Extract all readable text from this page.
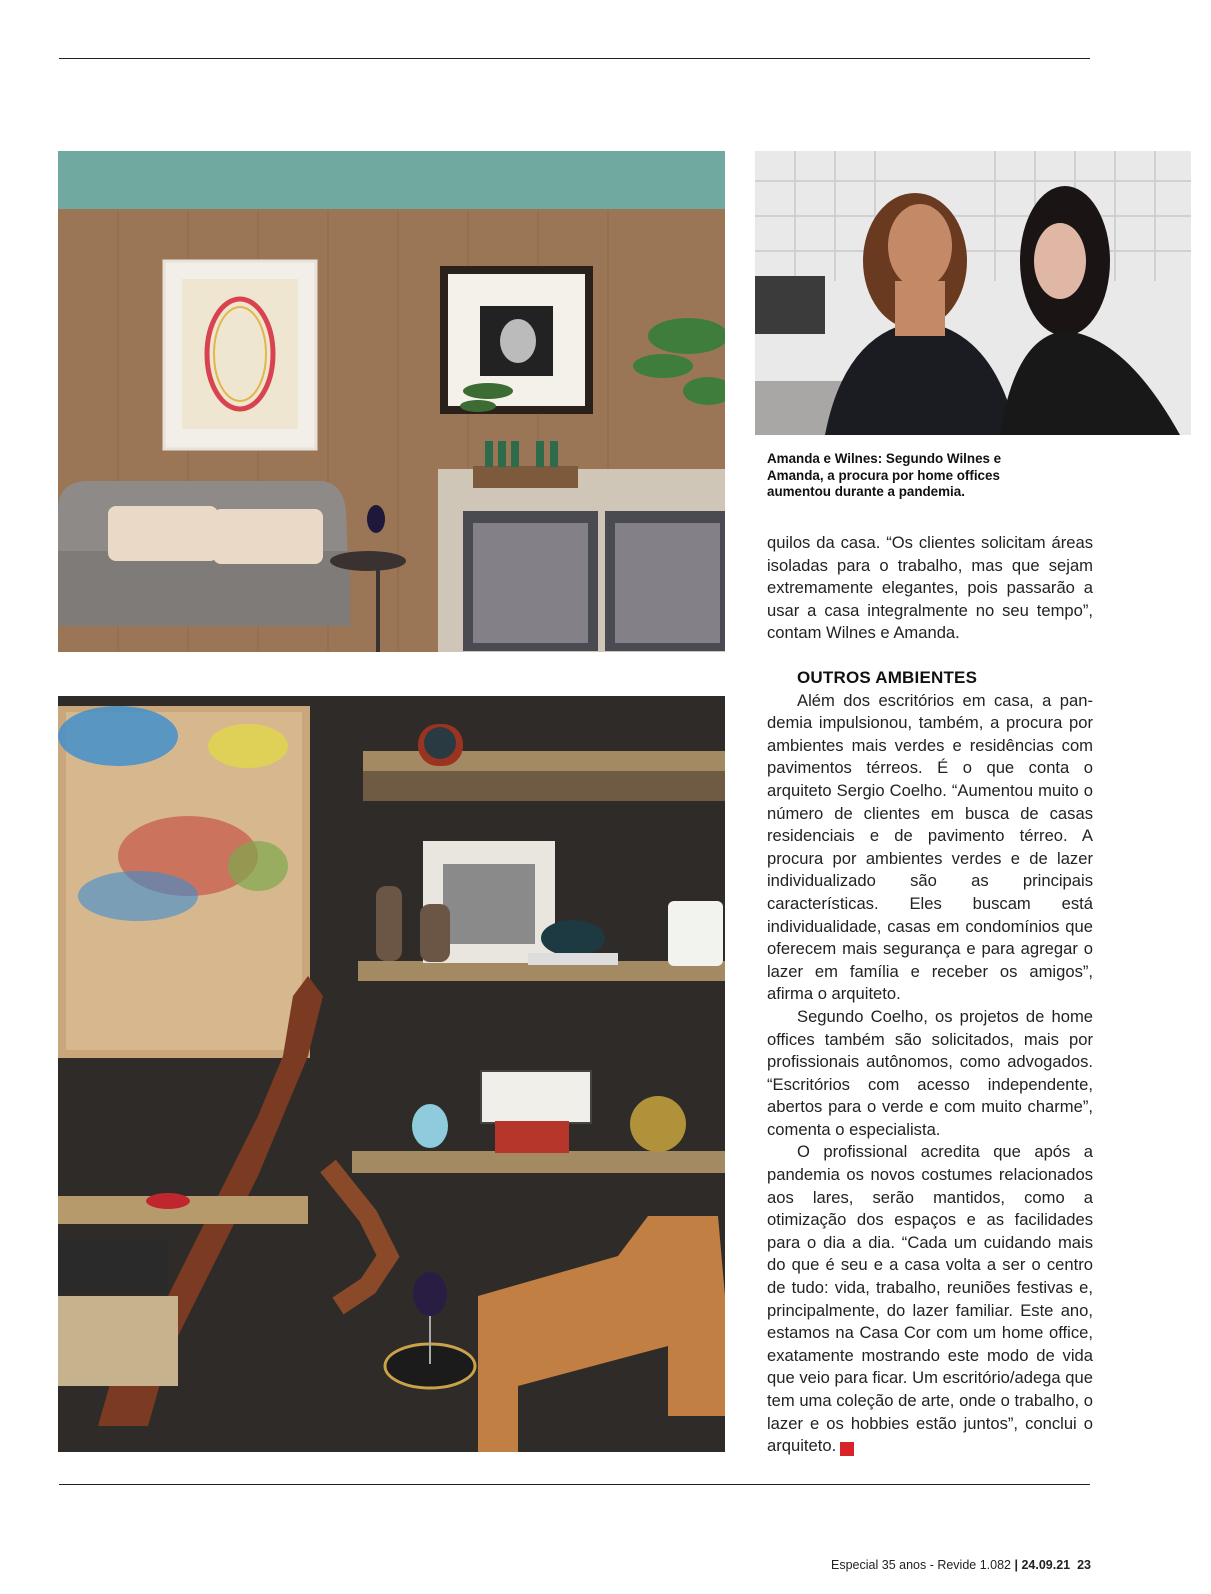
Amanda e Wilnes: Segundo Wilnes e Amanda, a procura por home offices aumentou durante a pandemia.

quilos da casa. “Os clientes solicitam áreas isoladas para o trabalho, mas que sejam extremamente elegantes, pois passarão a usar a casa integralmente no seu tempo”, contam Wilnes e Amanda.

OUTROS AMBIENTES

Além dos escritórios em casa, a pandemia impulsionou, também, a procura por ambientes mais verdes e residências com pavimentos térreos. É o que conta o arquiteto Sergio Coelho. “Aumentou muito o número de clientes em busca de casas residenciais e de pavimento térreo. A procura por ambientes verdes e de lazer individualizado são as principais características. Eles buscam está individualidade, casas em condomínios que oferecem mais segurança e para agregar o lazer em família e receber os amigos”, afirma o arquiteto.

Segundo Coelho, os projetos de home offices também são solicitados, mais por profissionais autônomos, como advogados. “Escritórios com acesso independente, abertos para o verde e com muito charme”, comenta o especialista.

O profissional acredita que após a pandemia os novos costumes relacionados aos lares, serão mantidos, como a otimização dos espaços e as facilidades para o dia a dia. “Cada um cuidando mais do que é seu e a casa volta a ser o centro de tudo: vida, trabalho, reuniões festivas e, principalmente, do lazer familiar. Este ano, estamos na Casa Cor com um home office, exatamente mostrando este modo de vida que veio para ficar. Um escritório/adega que tem uma coleção de arte, onde o trabalho, o lazer e os hobbies estão juntos”, conclui o arquiteto.	R

Especial 35 anos - Revide 1.082 | 24.09.21 23
